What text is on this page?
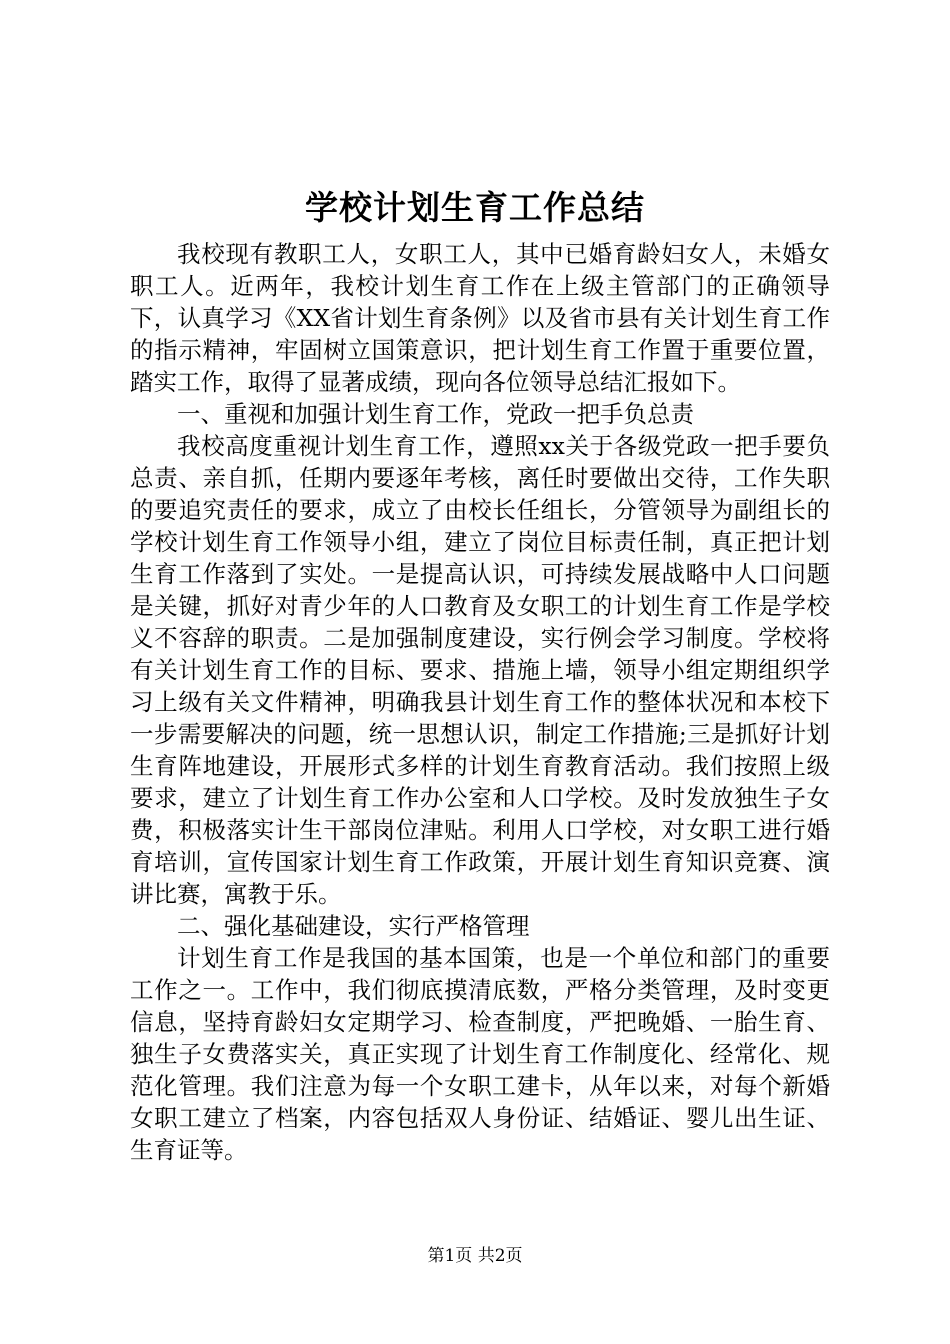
学校计划生育工作总结

我校现有教职工人，女职工人，其中已婚育龄妇女人，未婚女职工人。近两年，我校计划生育工作在上级主管部门的正确领导下，认真学习《XX省计划生育条例》以及省市县有关计划生育工作的指示精神，牢固树立国策意识，把计划生育工作置于重要位置，踏实工作，取得了显著成绩，现向各位领导总结汇报如下。

一、重视和加强计划生育工作，党政一把手负总责

我校高度重视计划生育工作，遵照xx关于各级党政一把手要负总责、亲自抓，任期内要逐年考核，离任时要做出交待，工作失职的要追究责任的要求，成立了由校长任组长，分管领导为副组长的学校计划生育工作领导小组，建立了岗位目标责任制，真正把计划生育工作落到了实处。一是提高认识，可持续发展战略中人口问题是关键，抓好对青少年的人口教育及女职工的计划生育工作是学校义不容辞的职责。二是加强制度建设，实行例会学习制度。学校将有关计划生育工作的目标、要求、措施上墙，领导小组定期组织学习上级有关文件精神，明确我县计划生育工作的整体状况和本校下一步需要解决的问题，统一思想认识，制定工作措施;三是抓好计划生育阵地建设，开展形式多样的计划生育教育活动。我们按照上级要求，建立了计划生育工作办公室和人口学校。及时发放独生子女费，积极落实计生干部岗位津贴。利用人口学校，对女职工进行婚育培训，宣传国家计划生育工作政策，开展计划生育知识竞赛、演讲比赛，寓教于乐。

二、强化基础建设，实行严格管理

计划生育工作是我国的基本国策，也是一个单位和部门的重要工作之一。工作中，我们彻底摸清底数，严格分类管理，及时变更信息，坚持育龄妇女定期学习、检查制度，严把晚婚、一胎生育、独生子女费落实关，真正实现了计划生育工作制度化、经常化、规范化管理。我们注意为每一个女职工建卡，从年以来，对每个新婚女职工建立了档案，内容包括双人身份证、结婚证、婴儿出生证、生育证等。

第1页 共2页
